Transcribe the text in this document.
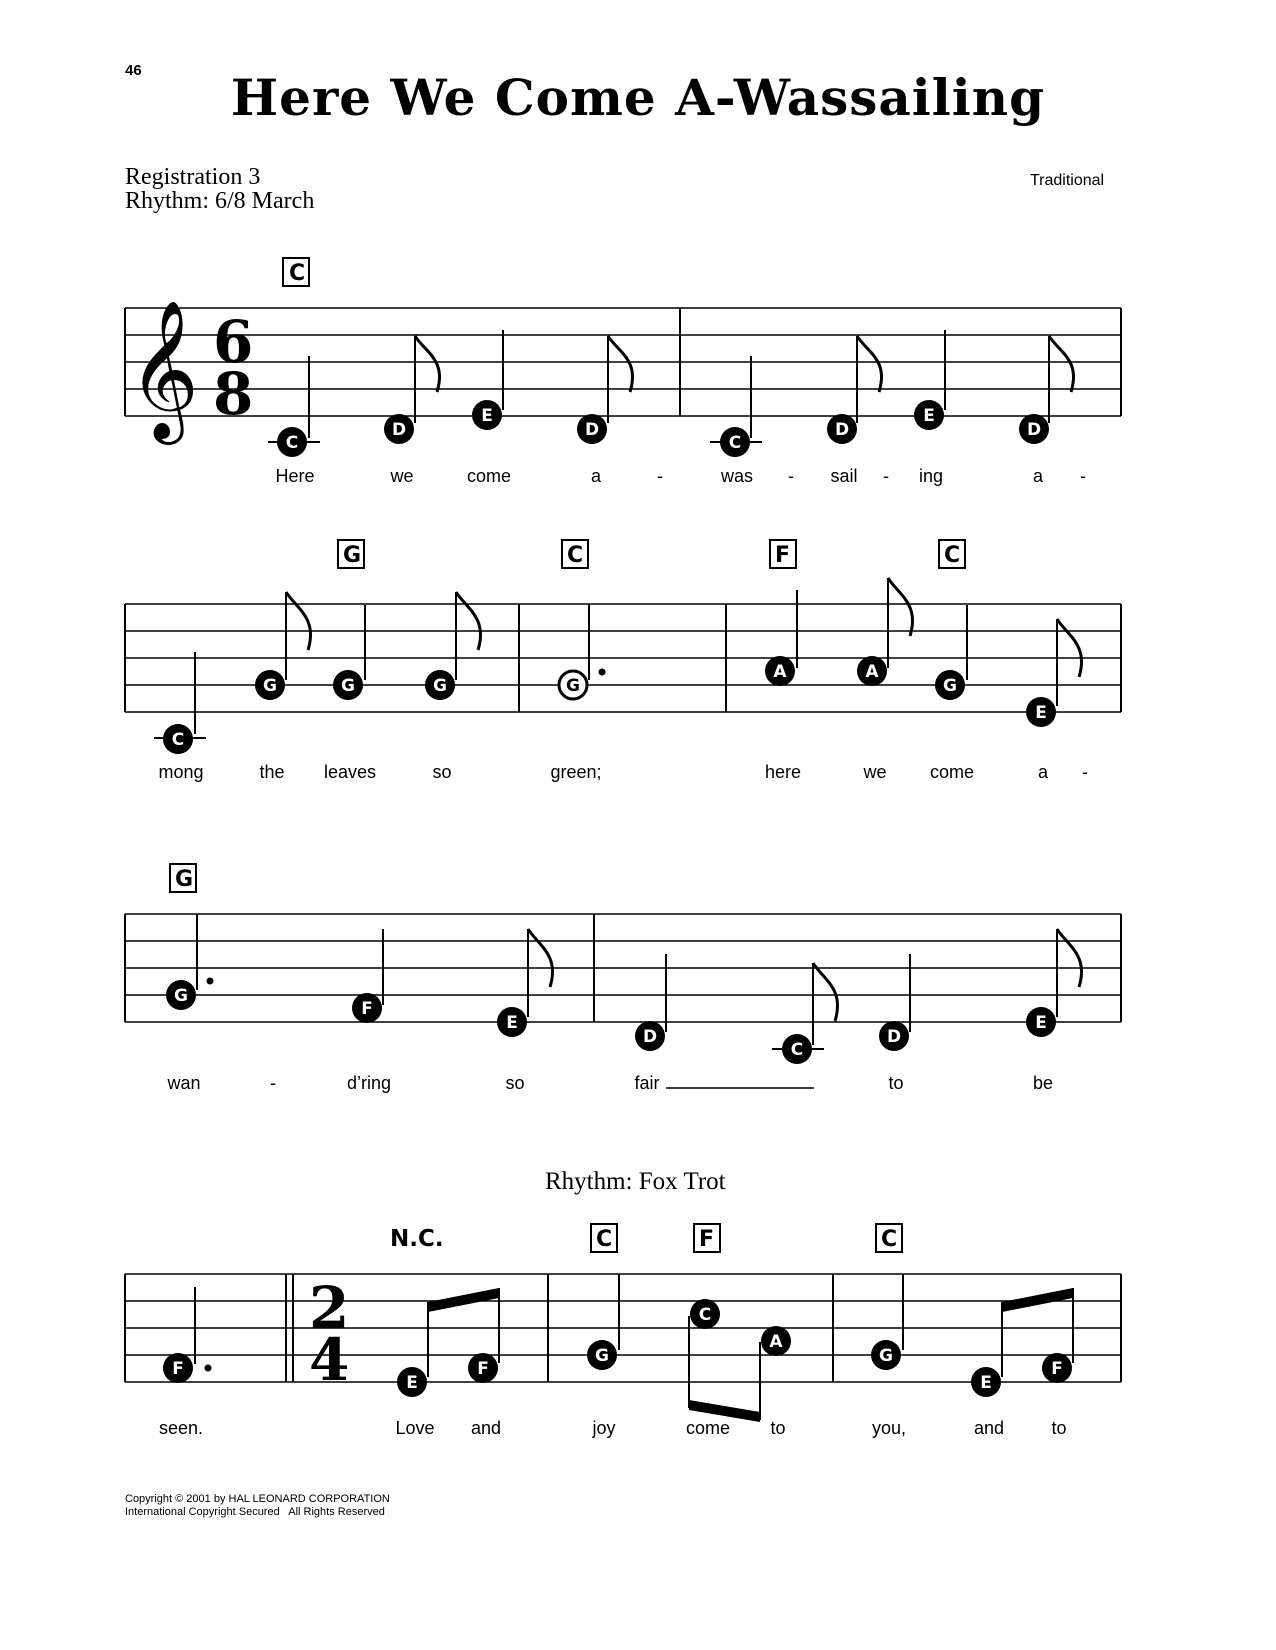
46	Here We Come A-Wassailing
Registration 3
Rhythm: 6/8 March
Traditional
𝄞 6
8
C
C
D
E
D
C
D
E
D
Here	we	come	a	-	was - sail - ing	a -
G	C	F	C
C
G	G	G	G
A	A
G
E
mong	the leaves	so	green;	here	we come	a -
G
G
F
E
D
C
D
E
wan	-	d’ring	so	fair	to	be
Rhythm: Fox Trot
2
4
N.C.	C	F	C
F
E
F
G
C
A
G
E
F
seen.	Love and	joy	come to	you,	and	to
Copyright © 2001 by HAL LEONARD CORPORATION
International Copyright Secured   All Rights Reserved
